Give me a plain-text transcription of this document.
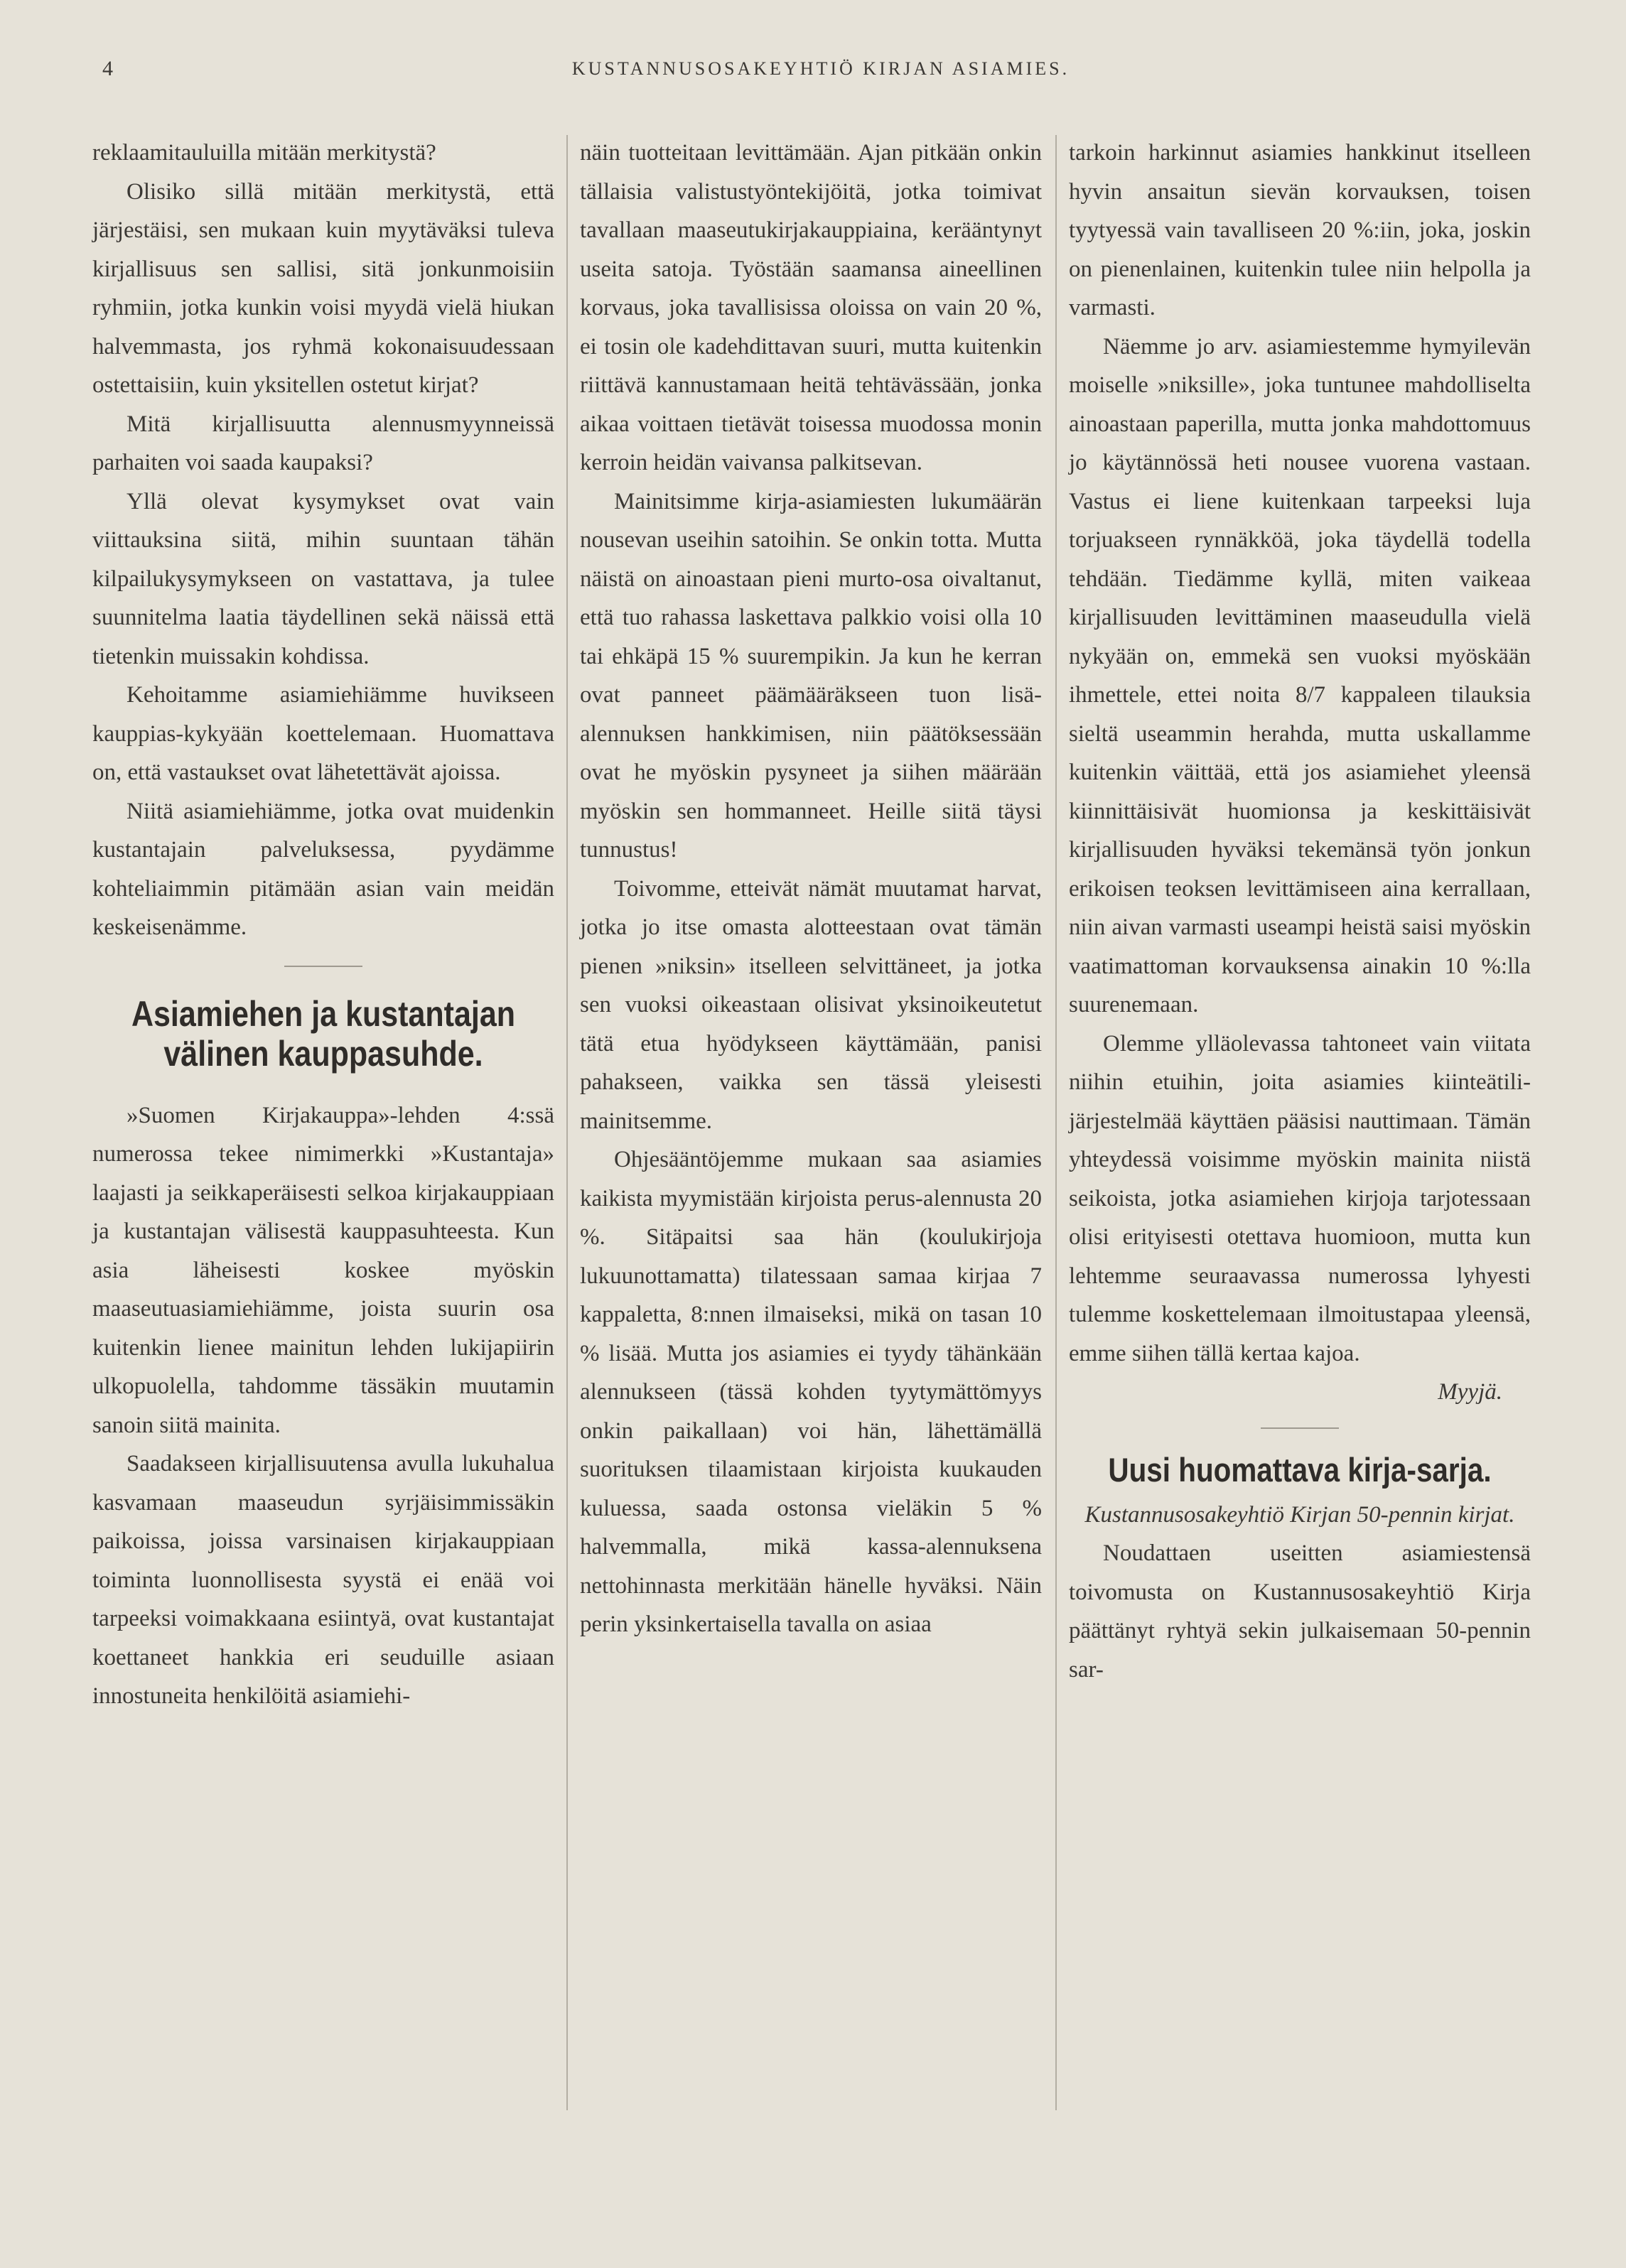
4	KUSTANNUSOSAKEYHTIÖ KIRJAN ASIAMIES.

reklaamitauluilla mitään merkitystä?

Olisiko sillä mitään merkitystä, että järjestäisi, sen mukaan kuin myytäväksi tuleva kirjallisuus sen sallisi, sitä jonkunmoisiin ryhmiin, jotka kunkin voisi myydä vielä hiukan halvemmasta, jos ryhmä kokonaisuudessaan ostettaisiin, kuin yksitellen ostetut kirjat?

Mitä kirjallisuutta alennusmyynneissä parhaiten voi saada kaupaksi?

Yllä olevat kysymykset ovat vain viittauksina siitä, mihin suuntaan tähän kilpailukysymykseen on vastattava, ja tulee suunnitelma laatia täydellinen sekä näissä että tietenkin muissakin kohdissa.

Kehoitamme asiamiehiämme huvikseen kauppias-kykyään koettelemaan. Huomattava on, että vastaukset ovat lähetettävät ajoissa.

Niitä asiamiehiämme, jotka ovat muidenkin kustantajain palveluksessa, pyydämme kohteliaimmin pitämään asian vain meidän keskeisenämme.

Asiamiehen ja kustantajan välinen kauppasuhde.

»Suomen Kirjakauppa»-lehden 4:ssä numerossa tekee nimimerkki »Kustantaja» laajasti ja seikkaperäisesti selkoa kirjakauppiaan ja kustantajan välisestä kauppasuhteesta. Kun asia läheisesti koskee myöskin maaseutuasiamiehiämme, joista suurin osa kuitenkin lienee mainitun lehden lukijapiirin ulkopuolella, tahdomme tässäkin muutamin sanoin siitä mainita.

Saadakseen kirjallisuutensa avulla lukuhalua kasvamaan maaseudun syrjäisimmissäkin paikoissa, joissa varsinaisen kirjakauppiaan toiminta luonnollisesta syystä ei enää voi tarpeeksi voimakkaana esiintyä, ovat kustantajat koettaneet hankkia eri seuduille asiaan innostuneita henkilöitä asiamiehi-

näin tuotteitaan levittämään. Ajan pitkään onkin tällaisia valistustyöntekijöitä, jotka toimivat tavallaan maaseutukirjakauppiaina, kerääntynyt useita satoja. Työstään saamansa aineellinen korvaus, joka tavallisissa oloissa on vain 20 %, ei tosin ole kadehdittavan suuri, mutta kuitenkin riittävä kannustamaan heitä tehtävässään, jonka aikaa voittaen tietävät toisessa muodossa monin kerroin heidän vaivansa palkitsevan.

Mainitsimme kirja-asiamiesten lukumäärän nousevan useihin satoihin. Se onkin totta. Mutta näistä on ainoastaan pieni murto-osa oivaltanut, että tuo rahassa laskettava palkkio voisi olla 10 tai ehkäpä 15 % suurempikin. Ja kun he kerran ovat panneet päämääräkseen tuon lisä-alennuksen hankkimisen, niin päätöksessään ovat he myöskin pysyneet ja siihen määrään myöskin sen hommanneet. Heille siitä täysi tunnustus!

Toivomme, etteivät nämät muutamat harvat, jotka jo itse omasta alotteestaan ovat tämän pienen »niksin» itselleen selvittäneet, ja jotka sen vuoksi oikeastaan olisivat yksinoikeutetut tätä etua hyödykseen käyttämään, panisi pahakseen, vaikka sen tässä yleisesti mainitsemme.

Ohjesääntöjemme mukaan saa asiamies kaikista myymistään kirjoista perus-alennusta 20 %. Sitäpaitsi saa hän (koulukirjoja lukuunottamatta) tilatessaan samaa kirjaa 7 kappaletta, 8:nnen ilmaiseksi, mikä on tasan 10 % lisää. Mutta jos asiamies ei tyydy tähänkään alennukseen (tässä kohden tyytymättömyys onkin paikallaan) voi hän, lähettämällä suorituksen tilaamistaan kirjoista kuukauden kuluessa, saada ostonsa vieläkin 5 % halvemmalla, mikä kassa-alennuksena nettohinnasta merkitään hänelle hyväksi. Näin perin yksinkertaisella tavalla on asiaa

tarkoin harkinnut asiamies hankkinut itselleen hyvin ansaitun sievän korvauksen, toisen tyytyessä vain tavalliseen 20 %:iin, joka, joskin on pienenlainen, kuitenkin tulee niin helpolla ja varmasti.

Näemme jo arv. asiamiestemme hymyilevän moiselle »niksille», joka tuntunee mahdolliselta ainoastaan paperilla, mutta jonka mahdottomuus jo käytännössä heti nousee vuorena vastaan. Vastus ei liene kuitenkaan tarpeeksi luja torjuakseen rynnäkköä, joka täydellä todella tehdään. Tiedämme kyllä, miten vaikeaa kirjallisuuden levittäminen maaseudulla vielä nykyään on, emmekä sen vuoksi myöskään ihmettele, ettei noita 8/7 kappaleen tilauksia sieltä useammin herahda, mutta uskallamme kuitenkin väittää, että jos asiamiehet yleensä kiinnittäisivät huomionsa ja keskittäisivät kirjallisuuden hyväksi tekemänsä työn jonkun erikoisen teoksen levittämiseen aina kerrallaan, niin aivan varmasti useampi heistä saisi myöskin vaatimattoman korvauksensa ainakin 10 %:lla suurenemaan.

Olemme ylläolevassa tahtoneet vain viitata niihin etuihin, joita asiamies kiinteätili-järjestelmää käyttäen pääsisi nauttimaan. Tämän yhteydessä voisimme myöskin mainita niistä seikoista, jotka asiamiehen kirjoja tarjotessaan olisi erityisesti otettava huomioon, mutta kun lehtemme seuraavassa numerossa lyhyesti tulemme koskettelemaan ilmoitustapaa yleensä, emme siihen tällä kertaa kajoa.

Myyjä.

Uusi huomattava kirja-sarja.

Kustannusosakeyhtiö Kirjan 50-pennin kirjat.

Noudattaen useitten asiamiestensä toivomusta on Kustannusosakeyhtiö Kirja päättänyt ryhtyä sekin julkaisemaan 50-pennin sar-
